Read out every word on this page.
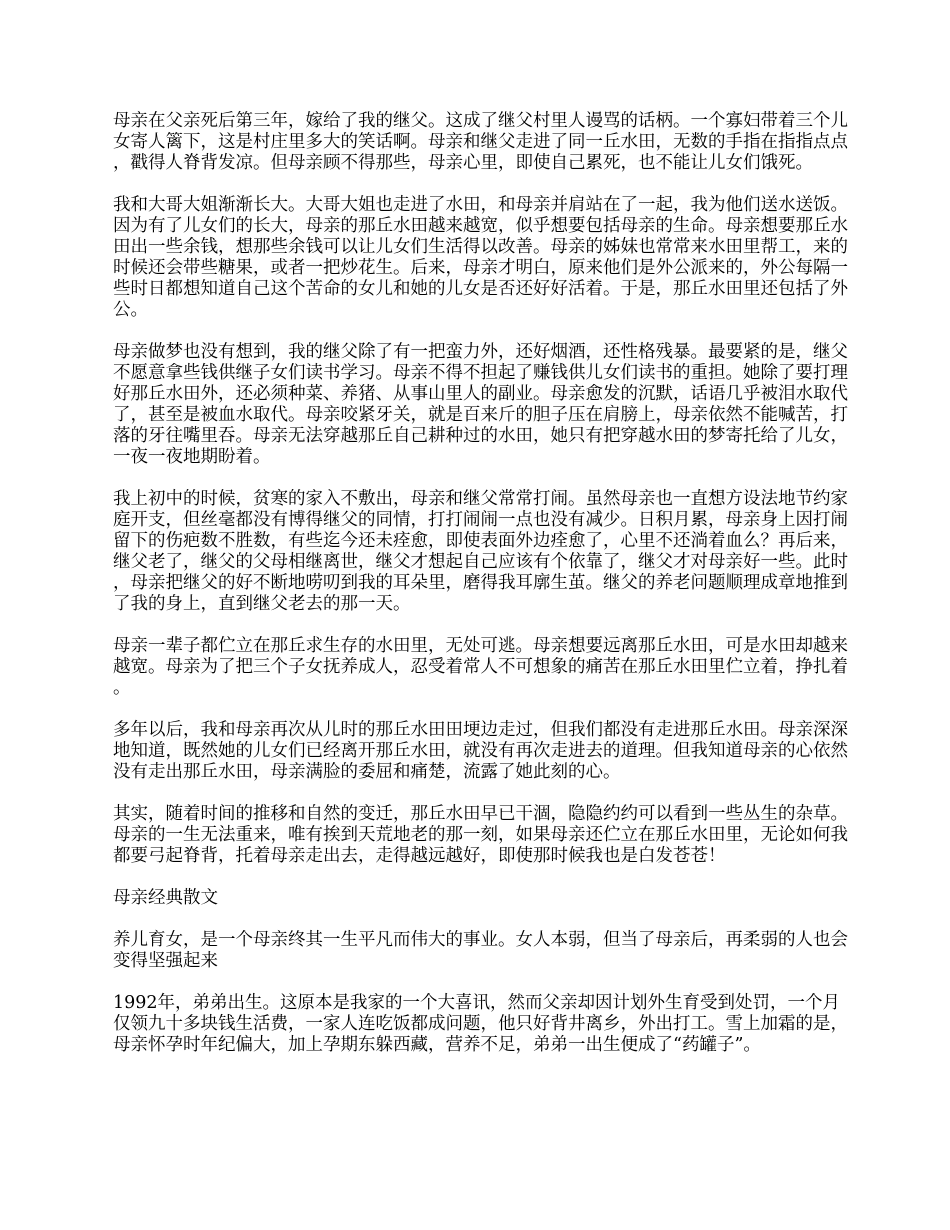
母亲在父亲死后第三年，嫁给了我的继父。这成了继父村里人谩骂的话柄。一个寡妇带着三个儿女寄人篱下，这是村庄里多大的笑话啊。母亲和继父走进了同一丘水田，无数的手指在指指点点，戳得人脊背发凉。但母亲顾不得那些，母亲心里，即使自己累死，也不能让儿女们饿死。

我和大哥大姐渐渐长大。大哥大姐也走进了水田，和母亲并肩站在了一起，我为他们送水送饭。因为有了儿女们的长大，母亲的那丘水田越来越宽，似乎想要包括母亲的生命。母亲想要那丘水田出一些余钱，想那些余钱可以让儿女们生活得以改善。母亲的姊妹也常常来水田里帮工，来的时候还会带些糖果，或者一把炒花生。后来，母亲才明白，原来他们是外公派来的，外公每隔一些时日都想知道自己这个苦命的女儿和她的儿女是否还好好活着。于是，那丘水田里还包括了外公。

母亲做梦也没有想到，我的继父除了有一把蛮力外，还好烟酒，还性格残暴。最要紧的是，继父不愿意拿些钱供继子女们读书学习。母亲不得不担起了赚钱供儿女们读书的重担。她除了要打理好那丘水田外，还必须种菜、养猪、从事山里人的副业。母亲愈发的沉默，话语几乎被泪水取代了，甚至是被血水取代。母亲咬紧牙关，就是百来斤的胆子压在肩膀上，母亲依然不能喊苦，打落的牙往嘴里吞。母亲无法穿越那丘自己耕种过的水田，她只有把穿越水田的梦寄托给了儿女，一夜一夜地期盼着。

我上初中的时候，贫寒的家入不敷出，母亲和继父常常打闹。虽然母亲也一直想方设法地节约家庭开支，但丝毫都没有博得继父的同情，打打闹闹一点也没有减少。日积月累，母亲身上因打闹留下的伤疤数不胜数，有些迄今还未痊愈，即使表面外边痊愈了，心里不还淌着血么？再后来，继父老了，继父的父母相继离世，继父才想起自己应该有个依靠了，继父才对母亲好一些。此时，母亲把继父的好不断地唠叨到我的耳朵里，磨得我耳廓生茧。继父的养老问题顺理成章地推到了我的身上，直到继父老去的那一天。

母亲一辈子都伫立在那丘求生存的水田里，无处可逃。母亲想要远离那丘水田，可是水田却越来越宽。母亲为了把三个子女抚养成人，忍受着常人不可想象的痛苦在那丘水田里伫立着，挣扎着。

多年以后，我和母亲再次从儿时的那丘水田田埂边走过，但我们都没有走进那丘水田。母亲深深地知道，既然她的儿女们已经离开那丘水田，就没有再次走进去的道理。但我知道母亲的心依然没有走出那丘水田，母亲满脸的委屈和痛楚，流露了她此刻的心。

其实，随着时间的推移和自然的变迁，那丘水田早已干涸，隐隐约约可以看到一些丛生的杂草。母亲的一生无法重来，唯有挨到天荒地老的那一刻，如果母亲还伫立在那丘水田里，无论如何我都要弓起脊背，托着母亲走出去，走得越远越好，即使那时候我也是白发苍苍！

母亲经典散文

养儿育女，是一个母亲终其一生平凡而伟大的事业。女人本弱，但当了母亲后，再柔弱的人也会变得坚强起来

1992年，弟弟出生。这原本是我家的一个大喜讯，然而父亲却因计划外生育受到处罚，一个月仅领九十多块钱生活费，一家人连吃饭都成问题，他只好背井离乡，外出打工。雪上加霜的是，母亲怀孕时年纪偏大，加上孕期东躲西藏，营养不足，弟弟一出生便成了“药罐子”。
